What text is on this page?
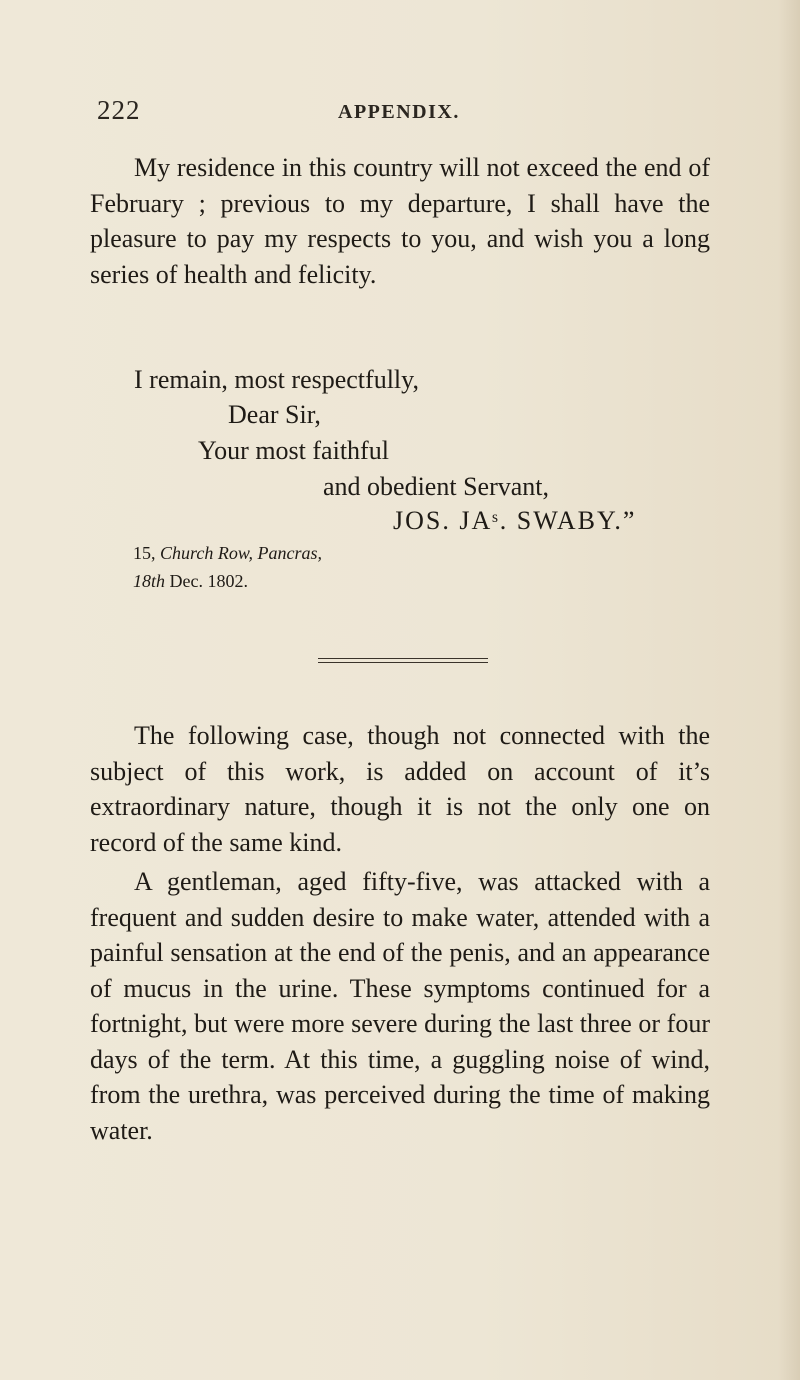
222	APPENDIX.

My residence in this country will not exceed the end of February ; previous to my departure, I shall have the pleasure to pay my respects to you, and wish you a long series of health and felicity.

I remain, most respectfully,
Dear Sir,
Your most faithful
and obedient Servant,
JOS. JAˢ. SWABY.”
15, Church Row, Pancras,
18th Dec. 1802.

The following case, though not connected with the subject of this work, is added on account of it’s extraordinary nature, though it is not the only one on record of the same kind.

A gentleman, aged fifty-five, was attacked with a frequent and sudden desire to make water, attended with a painful sensation at the end of the penis, and an appearance of mucus in the urine. These symptoms continued for a fortnight, but were more severe during the last three or four days of the term. At this time, a guggling noise of wind, from the urethra, was perceived during the time of making water.
